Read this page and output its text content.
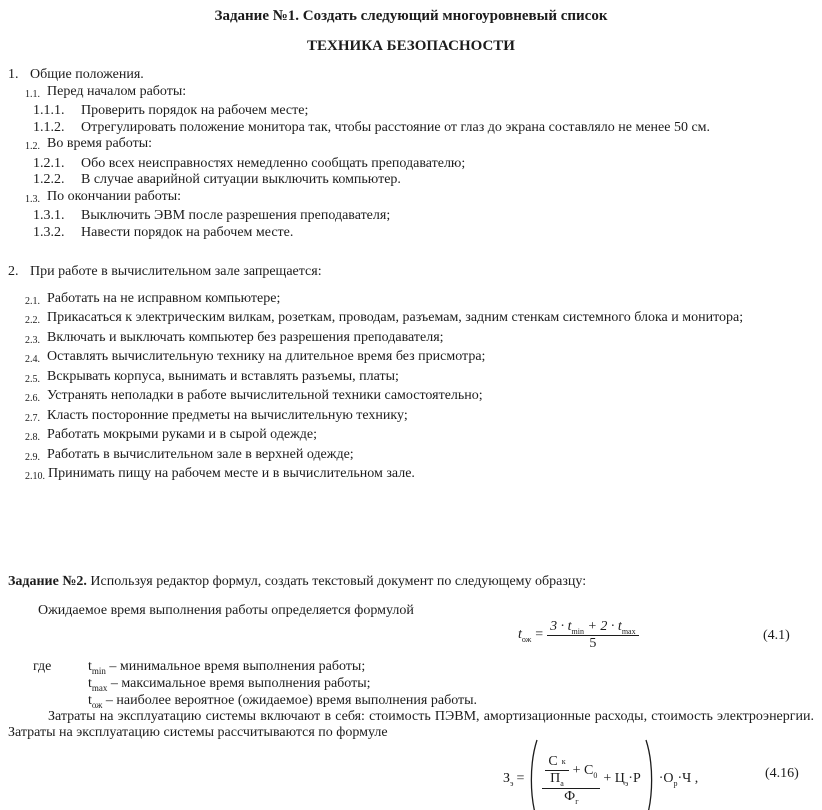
Задание №1. Создать следующий многоуровневый список
ТЕХНИКА БЕЗОПАСНОСТИ
1. Общие положения.
1.1. Перед началом работы:
1.1.1.	Проверить порядок на рабочем месте;
1.1.2.	Отрегулировать положение монитора так, чтобы расстояние от глаз до экрана составляло не менее 50 см.
1.2. Во время работы:
1.2.1.	Обо всех неисправностях немедленно сообщать преподавателю;
1.2.2.	В случае аварийной ситуации выключить компьютер.
1.3. По окончании работы:
1.3.1.	Выключить ЭВМ после разрешения преподавателя;
1.3.2.	Навести порядок на рабочем месте.
2. При работе в вычислительном зале запрещается:
2.1. Работать на не исправном компьютере;
2.2. Прикасаться к электрическим вилкам, розеткам, проводам, разъемам, задним стенкам системного блока и монитора;
2.3. Включать и выключать компьютер без разрешения преподавателя;
2.4. Оставлять вычислительную технику на длительное время без присмотра;
2.5. Вскрывать корпуса, вынимать и вставлять разъемы, платы;
2.6. Устранять неполадки в работе вычислительной техники самостоятельно;
2.7. Класть посторонние предметы на вычислительную технику;
2.8. Работать мокрыми руками и в сырой одежде;
2.9. Работать в вычислительном зале в верхней одежде;
2.10. Принимать пищу на рабочем месте и в вычислительном зале.
Задание №2. Используя редактор формул, создать текстовый документ по следующему образцу:
Ожидаемое время выполнения работы определяется формулой
$t_{ож} = \frac{3 \cdot t_{min} + 2 \cdot t_{max}}{5}$	(4.1)
где	$t_{min}$ – минимальное время выполнения работы;
$t_{max}$ – максимальное время выполнения работы;
$t_{ож}$ – наиболее вероятное (ожидаемое) время выполнения работы.
Затраты на эксплуатацию системы включают в себя: стоимость ПЭВМ, амортизационные расходы, стоимость электроэнергии. Затраты на эксплуатацию системы рассчитываются по формуле
$З_э = \frac{\frac{\text{С к}}{П_а} + С_0}{Ф_г} + Ц_э\cdot Р \cdot О_р\cdot Ч$ ,	(4.16)
